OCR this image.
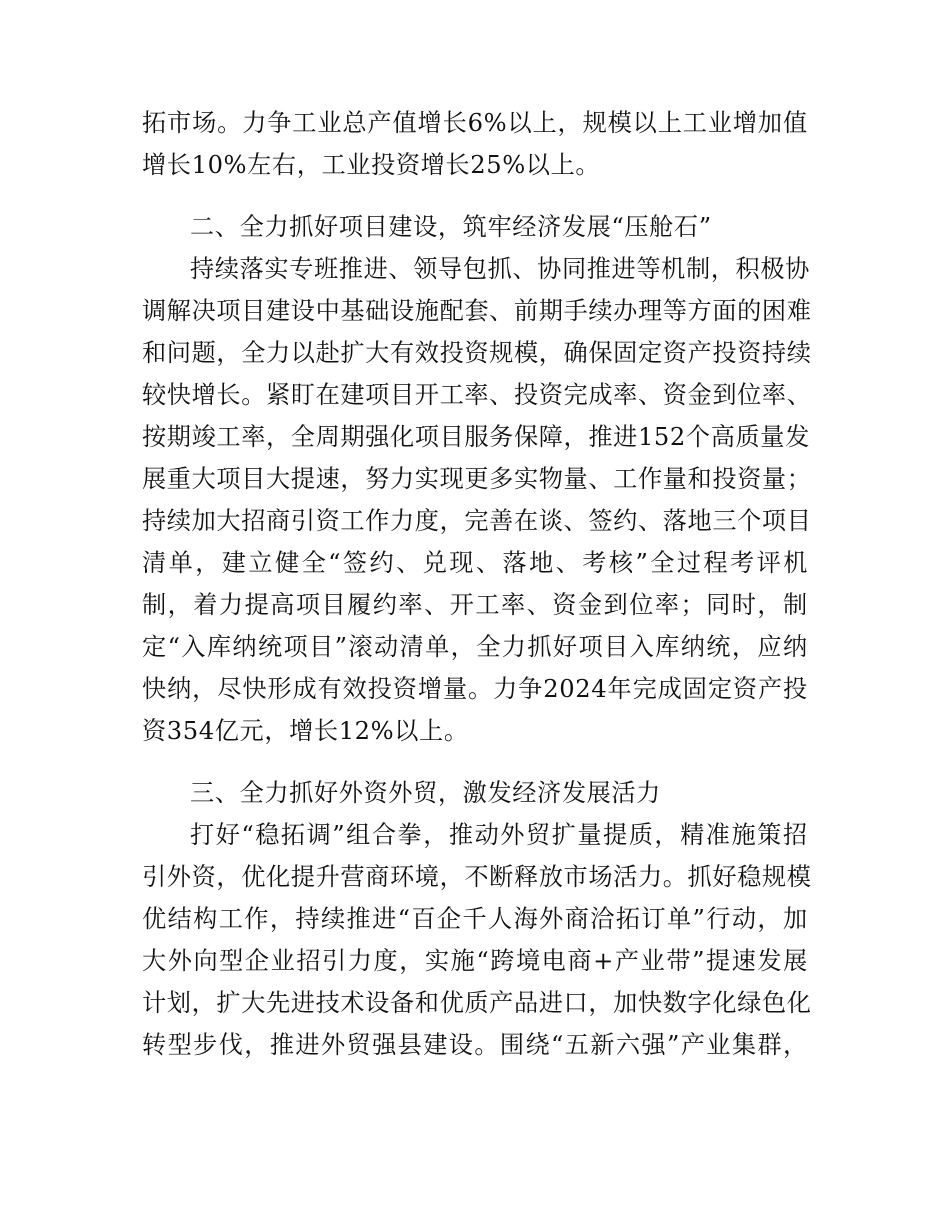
拓 市 场 。 力 争 工 业 总 产 值 增 长 6% 以 上 ， 规 模 以 上 工 业 增 加 值
增长10%左右，工业投资增长25%以上。
二、全力抓好项目建设，筑牢经济发展“压舱石”
持 续 落 实 专 班 推 进 、 领 导 包 抓 、 协 同 推 进 等 机 制 ， 积 极 协
调 解 决 项 目 建 设 中 基 础 设 施 配 套 、 前 期 手 续 办 理 等 方 面 的 困 难
和 问 题 ， 全 力 以 赴 扩 大 有 效 投 资 规 模 ， 确 保 固 定 资 产 投 资 持 续
较 快 增 长 。 紧 盯 在 建 项 目 开 工 率 、 投 资 完 成 率 、 资 金 到 位 率 、
按 期 竣 工 率 ， 全 周 期 强 化 项 目 服 务 保 障 ， 推 进 152 个 高 质 量 发
展 重 大 项 目 大 提 速 ， 努 力 实 现 更 多 实 物 量 、 工 作 量 和 投 资 量 ；
持 续 加 大 招 商 引 资 工 作 力 度 ， 完 善 在 谈 、 签 约 、 落 地 三 个 项 目
清 单 ， 建 立 健 全 “ 签 约 、 兑 现 、 落 地 、 考 核 ” 全 过 程 考 评 机
制 ， 着 力 提 高 项 目 履 约 率 、 开 工 率 、 资 金 到 位 率 ； 同 时 ， 制
定 “ 入 库 纳 统 项 目 ” 滚 动 清 单 ， 全 力 抓 好 项 目 入 库 纳 统 ， 应 纳
快 纳 ， 尽 快 形 成 有 效 投 资 增 量 。 力 争 2024 年 完 成 固 定 资 产 投
资354亿元，增长12%以上。
三、全力抓好外资外贸，激发经济发展活力
打 好 “ 稳 拓 调 ” 组 合 拳 ， 推 动 外 贸 扩 量 提 质 ， 精 准 施 策 招
引 外 资 ， 优 化 提 升 营 商 环 境 ， 不 断 释 放 市 场 活 力 。 抓 好 稳 规 模
优 结 构 工 作 ， 持 续 推 进 “ 百 企 千 人 海 外 商 洽 拓 订 单 ” 行 动 ， 加
大 外 向 型 企 业 招 引 力 度 ， 实 施 “ 跨 境 电 商 + 产 业 带 ” 提 速 发 展
计 划 ， 扩 大 先 进 技 术 设 备 和 优 质 产 品 进 口 ， 加 快 数 字 化 绿 色 化
转 型 步 伐 ， 推 进 外 贸 强 县 建 设 。 围 绕 “ 五 新 六 强 ” 产 业 集 群 ，
